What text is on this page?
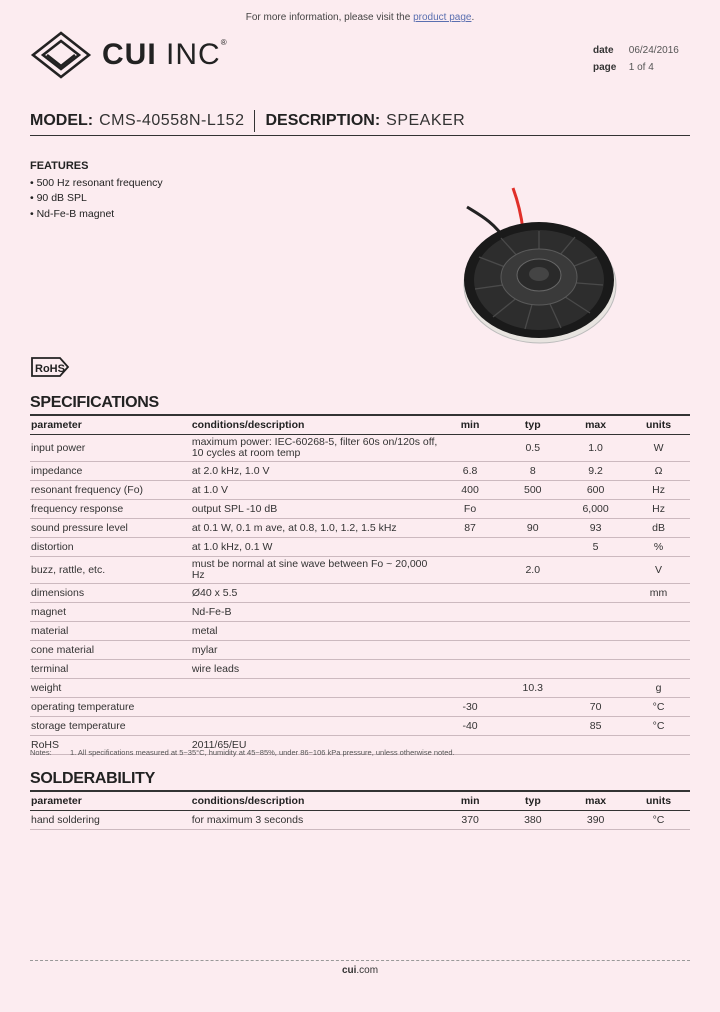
For more information, please visit the product page.
CUI INC®
date 06/24/2016
page 1 of 4
MODEL: CMS-40558N-L152 DESCRIPTION: SPEAKER
FEATURES
• 500 Hz resonant frequency
• 90 dB SPL
• Nd-Fe-B magnet
RoHS
SPECIFICATIONS
parameter	conditions/description	min	typ	max	units
input power	maximum power: IEC-60268-5, filter 60s on/120s off, 10 cycles at room temp		0.5	1.0	W
impedance	at 2.0 kHz, 1.0 V	6.8	8	9.2	Ω
resonant frequency (Fo)	at 1.0 V	400	500	600	Hz
frequency response	output SPL -10 dB	Fo		6,000	Hz
sound pressure level	at 0.1 W, 0.1 m ave, at 0.8, 1.0, 1.2, 1.5 kHz	87	90	93	dB
distortion	at 1.0 kHz, 0.1 W			5	%
buzz, rattle, etc.	must be normal at sine wave between Fo ~ 20,000 Hz		2.0		V
dimensions	Ø40 x 5.5				mm
magnet	Nd-Fe-B				
material	metal				
cone material	mylar				
terminal	wire leads				
weight			10.3		g
operating temperature		-30		70	°C
storage temperature		-40		85	°C
RoHS	2011/65/EU				
Notes: 1. All specifications measured at 5~35°C, humidity at 45~85%, under 86~106 kPa pressure, unless otherwise noted.
SOLDERABILITY
parameter	conditions/description	min	typ	max	units
hand soldering	for maximum 3 seconds	370	380	390	°C
cui.com
